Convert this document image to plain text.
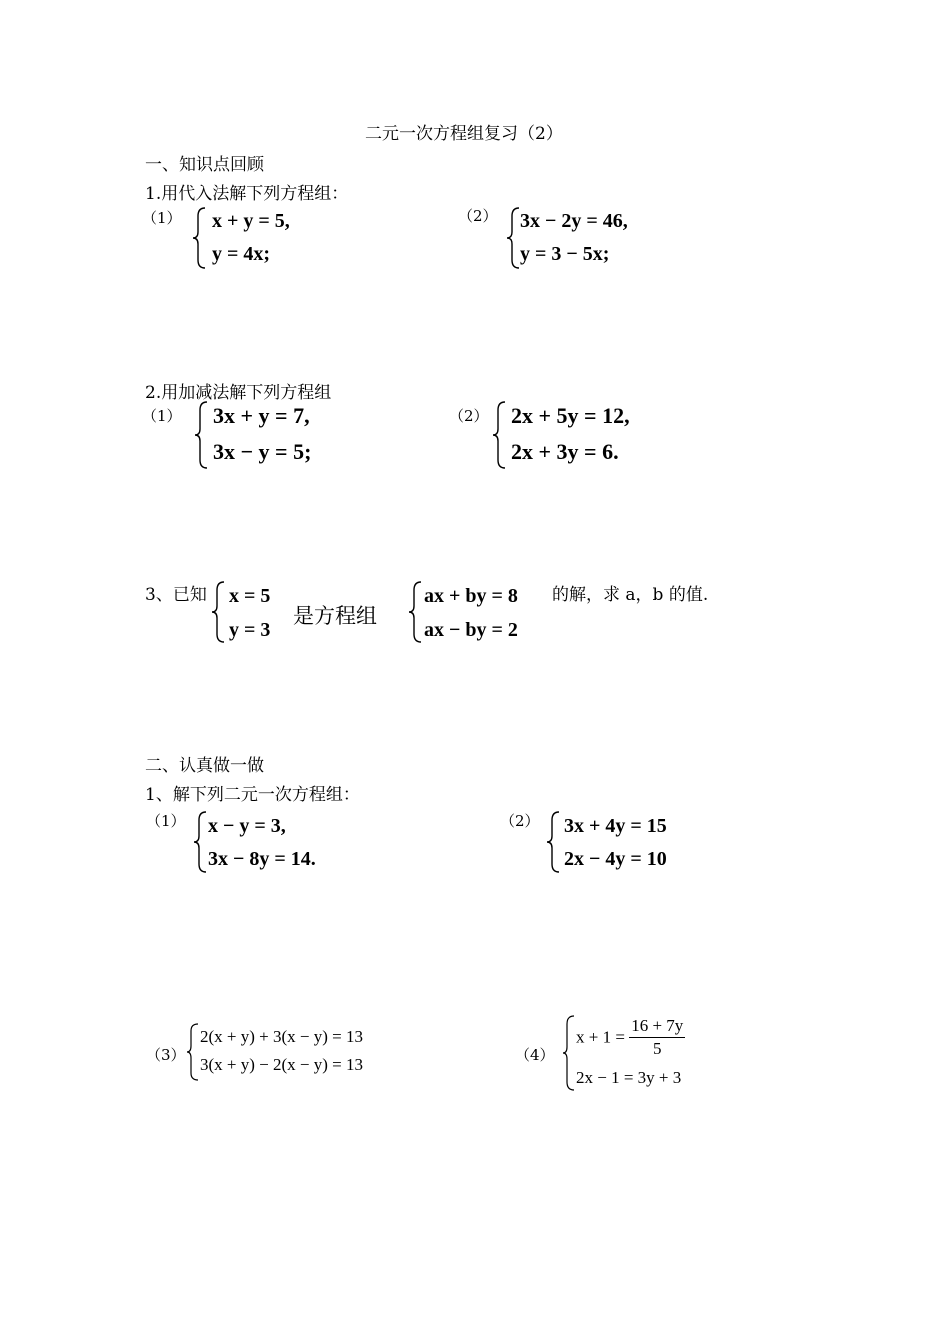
二元一次方程组复习（2）
一、知识点回顾
1.用代入法解下列方程组：
（1） x + y = 5,
y = 4x;
（2） 3x − 2y = 46,
y = 3 − 5x;
2.用加减法解下列方程组
（1） 3x + y = 7,
3x − y = 5;
（2） 2x + 5y = 12,
2x + 3y = 6.
3、已知 x = 5
y = 3
是方程组
ax + by = 8
ax − by = 2
的解，求 a，b 的值.
二、认真做一做
1、解下列二元一次方程组：
（1） x − y = 3,
3x − 8y = 14.
（2） 3x + 4y = 15
2x − 4y = 10
（3）
2(x + y) + 3(x − y) = 13
3(x + y) − 2(x − y) = 13	（4）
$x + 1 = \frac{16 + 7y}{5}$
2x − 1 = 3y + 3
